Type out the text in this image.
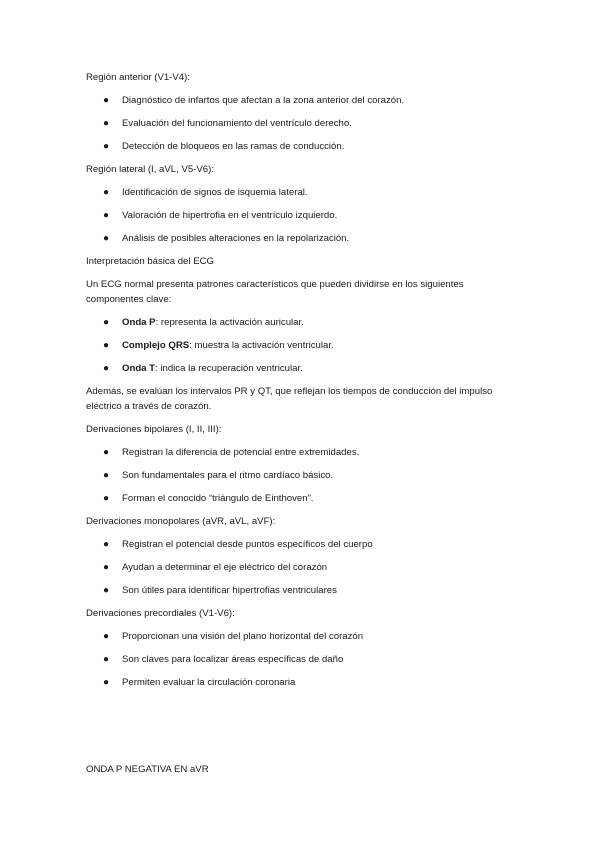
Región anterior (V1-V4):

● Diagnóstico de infartos que afectan a la zona anterior del corazón.
● Evaluación del funcionamiento del ventrículo derecho.
● Detección de bloqueos en las ramas de conducción.

Región lateral (I, aVL, V5-V6):

● Identificación de signos de isquemia lateral.
● Valoración de hipertrofia en el ventrículo izquierdo.
● Análisis de posibles alteraciones en la repolarización.

Interpretación básica del ECG

Un ECG normal presenta patrones característicos que pueden dividirse en los siguientes componentes clave:

● Onda P: representa la activación auricular.
● Complejo QRS: muestra la activación ventricular.
● Onda T: indica la recuperación ventricular.

Además, se evalúan los intervalos PR y QT, que reflejan los tiempos de conducción del impulso eléctrico a través de corazón.

Derivaciones bipolares (I, II, III):

● Registran la diferencia de potencial entre extremidades.
● Son fundamentales para el ritmo cardíaco básico.
● Forman el conocido “triángulo de Einthoven”.

Derivaciones monopolares (aVR, aVL, aVF):

● Registran el potencial desde puntos específicos del cuerpo
● Ayudan a determinar el eje eléctrico del corazón
● Son útiles para identificar hipertrofias ventriculares

Derivaciones precordiales (V1-V6):

● Proporcionan una visión del plano horizontal del corazón
● Son claves para localizar áreas específicas de daño
● Permiten evaluar la circulación coronaria

ONDA P NEGATIVA EN aVR
